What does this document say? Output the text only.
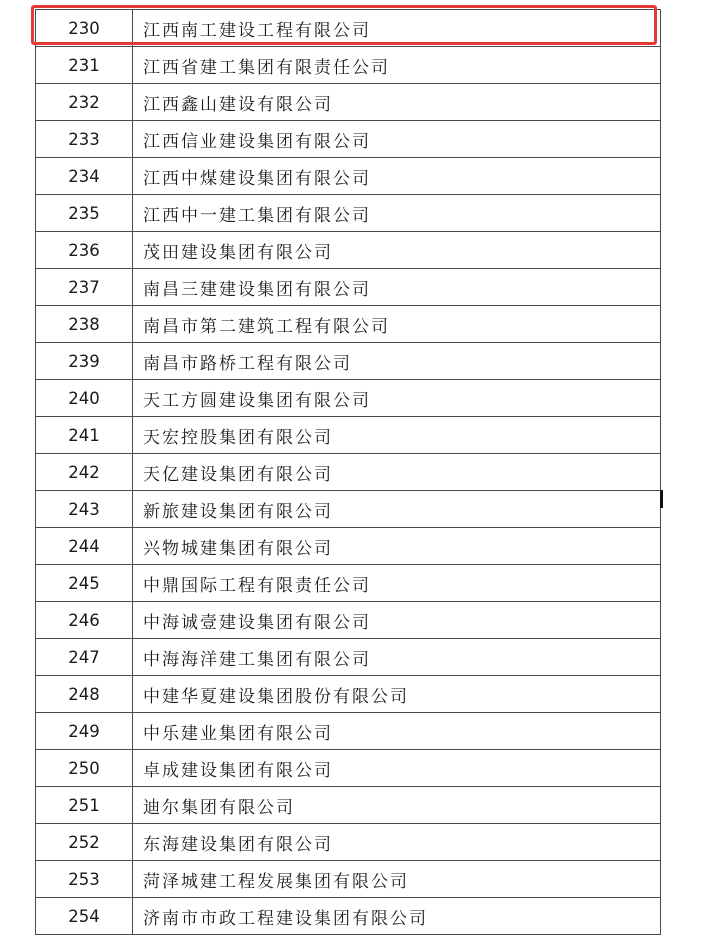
230	江西南工建设工程有限公司
231	江西省建工集团有限责任公司
232	江西鑫山建设有限公司
233	江西信业建设集团有限公司
234	江西中煤建设集团有限公司
235	江西中一建工集团有限公司
236	茂田建设集团有限公司
237	南昌三建建设集团有限公司
238	南昌市第二建筑工程有限公司
239	南昌市路桥工程有限公司
240	天工方圆建设集团有限公司
241	天宏控股集团有限公司
242	天亿建设集团有限公司
243	新旅建设集团有限公司
244	兴物城建集团有限公司
245	中鼎国际工程有限责任公司
246	中海诚壹建设集团有限公司
247	中海海洋建工集团有限公司
248	中建华夏建设集团股份有限公司
249	中乐建业集团有限公司
250	卓成建设集团有限公司
251	迪尔集团有限公司
252	东海建设集团有限公司
253	菏泽城建工程发展集团有限公司
254	济南市市政工程建设集团有限公司
